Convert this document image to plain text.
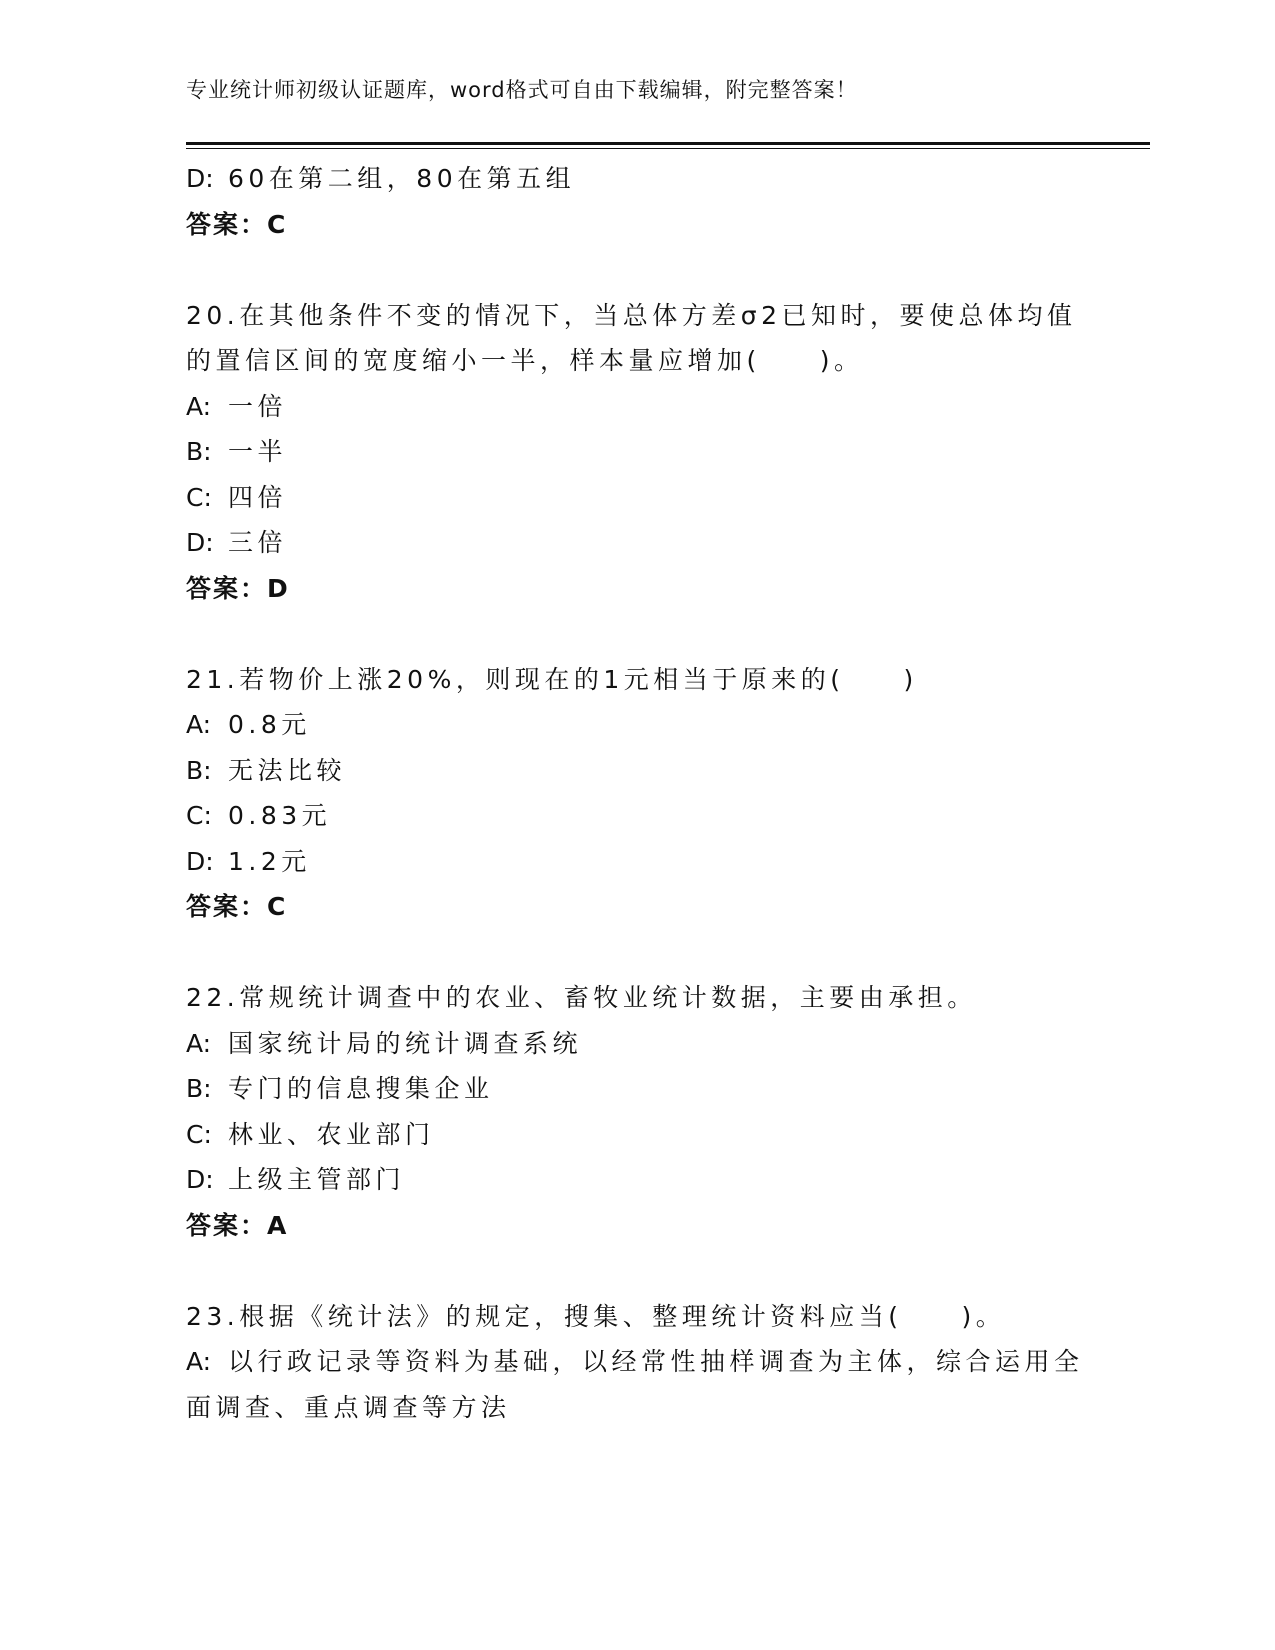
专业统计师初级认证题库，word格式可自由下载编辑，附完整答案！
D: 60在第二组，80在第五组
答案：C
20.在其他条件不变的情况下，当总体方差σ2已知时，要使总体均值
的置信区间的宽度缩小一半，样本量应增加(　　)。
A: 一倍
B: 一半
C: 四倍
D: 三倍
答案：D
21.若物价上涨20%，则现在的1元相当于原来的(　　)
A: 0.8元
B: 无法比较
C: 0.83元
D: 1.2元
答案：C
22.常规统计调查中的农业、畜牧业统计数据，主要由承担。
A: 国家统计局的统计调查系统
B: 专门的信息搜集企业
C: 林业、农业部门
D: 上级主管部门
答案：A
23.根据《统计法》的规定，搜集、整理统计资料应当(　　)。
A: 以行政记录等资料为基础，以经常性抽样调查为主体，综合运用全
面调查、重点调查等方法
